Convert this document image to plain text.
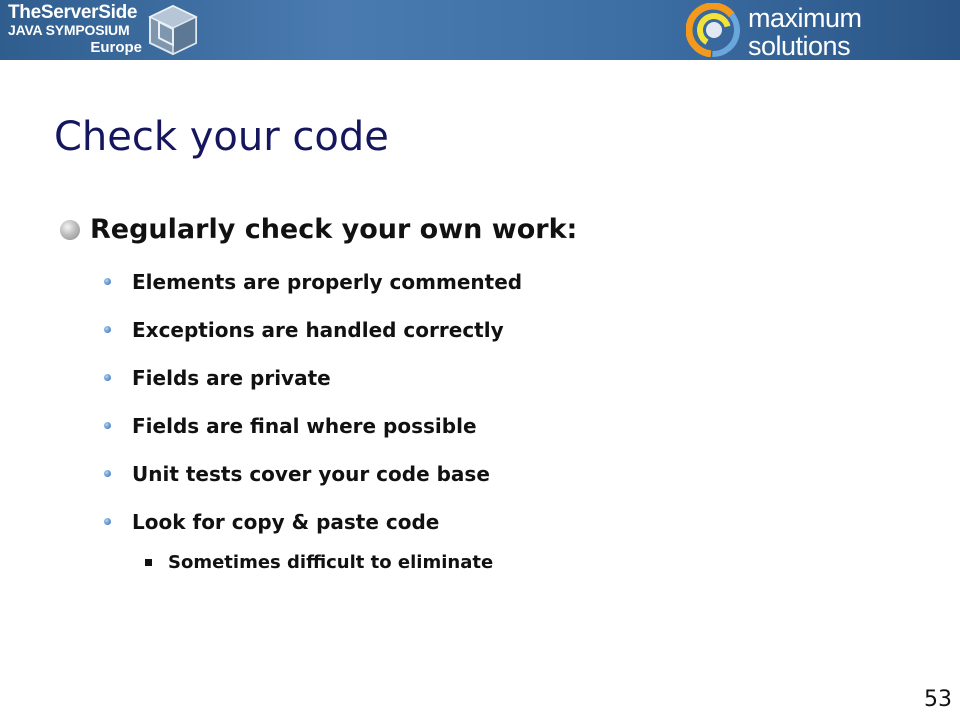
TheServerSide
JAVA SYMPOSIUM
Europe
maximum solutions
java training
Check your code
Regularly check your own work:
Elements are properly commented
Exceptions are handled correctly
Fields are private
Fields are final where possible
Unit tests cover your code base
Look for copy & paste code
Sometimes difficult to eliminate
53
